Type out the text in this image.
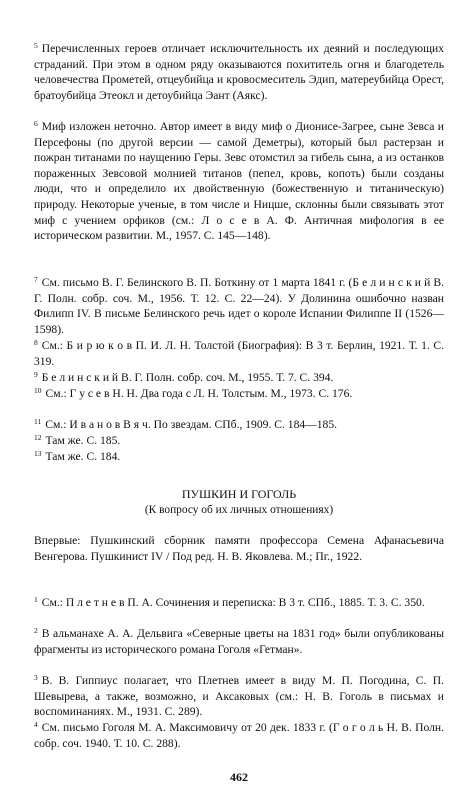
$^5$ Перечисленных героев отличает исключительность их деяний и последующих страданий. При этом в одном ряду оказываются похититель огня и благодетель человечества Прометей, отцеубийца и кровосмеситель Эдип, матереубийца Орест, братоубийца Этеокл и детоубийца Эант (Аякс).

$^6$ Миф изложен неточно. Автор имеет в виду миф о Дионисе-Загрее, сыне Зевса и Персефоны (по другой версии — самой Деметры), который был растерзан и пожран титанами по наущению Геры. Зевс отомстил за гибель сына, а из останков пораженных Зевсовой молнией титанов (пепел, кровь, копоть) были созданы люди, что и определило их двойственную (божественную и титаническую) природу. Некоторые ученые, в том числе и Ницше, склонны были связывать этот миф с учением орфиков (см.: Л о с е в А. Ф. Античная мифология в ее историческом развитии. М., 1957. С. 145—148).

$^7$ См. письмо В. Г. Белинского В. П. Боткину от 1 марта 1841 г. (Б е л и н с к и й В. Г. Полн. собр. соч. М., 1956. Т. 12. С. 22—24). У Долинина ошибочно назван Филипп IV. В письме Белинского речь идет о короле Испании Филиппе II (1526—1598).

$^8$ См.: Б и р ю к о в П. И. Л. Н. Толстой (Биография): В 3 т. Берлин, 1921. Т. 1. С. 319.

$^9$ Б е л и н с к и й В. Г. Полн. собр. соч. М., 1955. Т. 7. С. 394.

$^{10}$ См.: Г у с е в Н. Н. Два года с Л. Н. Толстым. М., 1973. С. 176.

$^{11}$ См.: И в а н о в В я ч. По звездам. СПб., 1909. С. 184—185.

$^{12}$ Там же. С. 185.

$^{13}$ Там же. С. 184.

ПУШКИН И ГОГОЛЬ

(К вопросу об их личных отношениях)

Впервые: Пушкинский сборник памяти профессора Семена Афанасьевича Венгерова. Пушкинист IV / Под ред. Н. В. Яковлева. М.; Пг., 1922.

$^1$ См.: П л е т н е в П. А. Сочинения и переписка: В 3 т. СПб., 1885. Т. 3. С. 350.

$^2$ В альманахе А. А. Дельвига «Северные цветы на 1831 год» были опубликованы фрагменты из исторического романа Гоголя «Гетман».

$^3$ В. В. Гиппиус полагает, что Плетнев имеет в виду М. П. Погодина, С. П. Шевырева, а также, возможно, и Аксаковых (см.: Н. В. Гоголь в письмах и воспоминаниях. М., 1931. С. 289).

$^4$ См. письмо Гоголя М. А. Максимовичу от 20 дек. 1833 г. (Г о г о л ь Н. В. Полн. собр. соч. 1940. Т. 10. С. 288).

462
